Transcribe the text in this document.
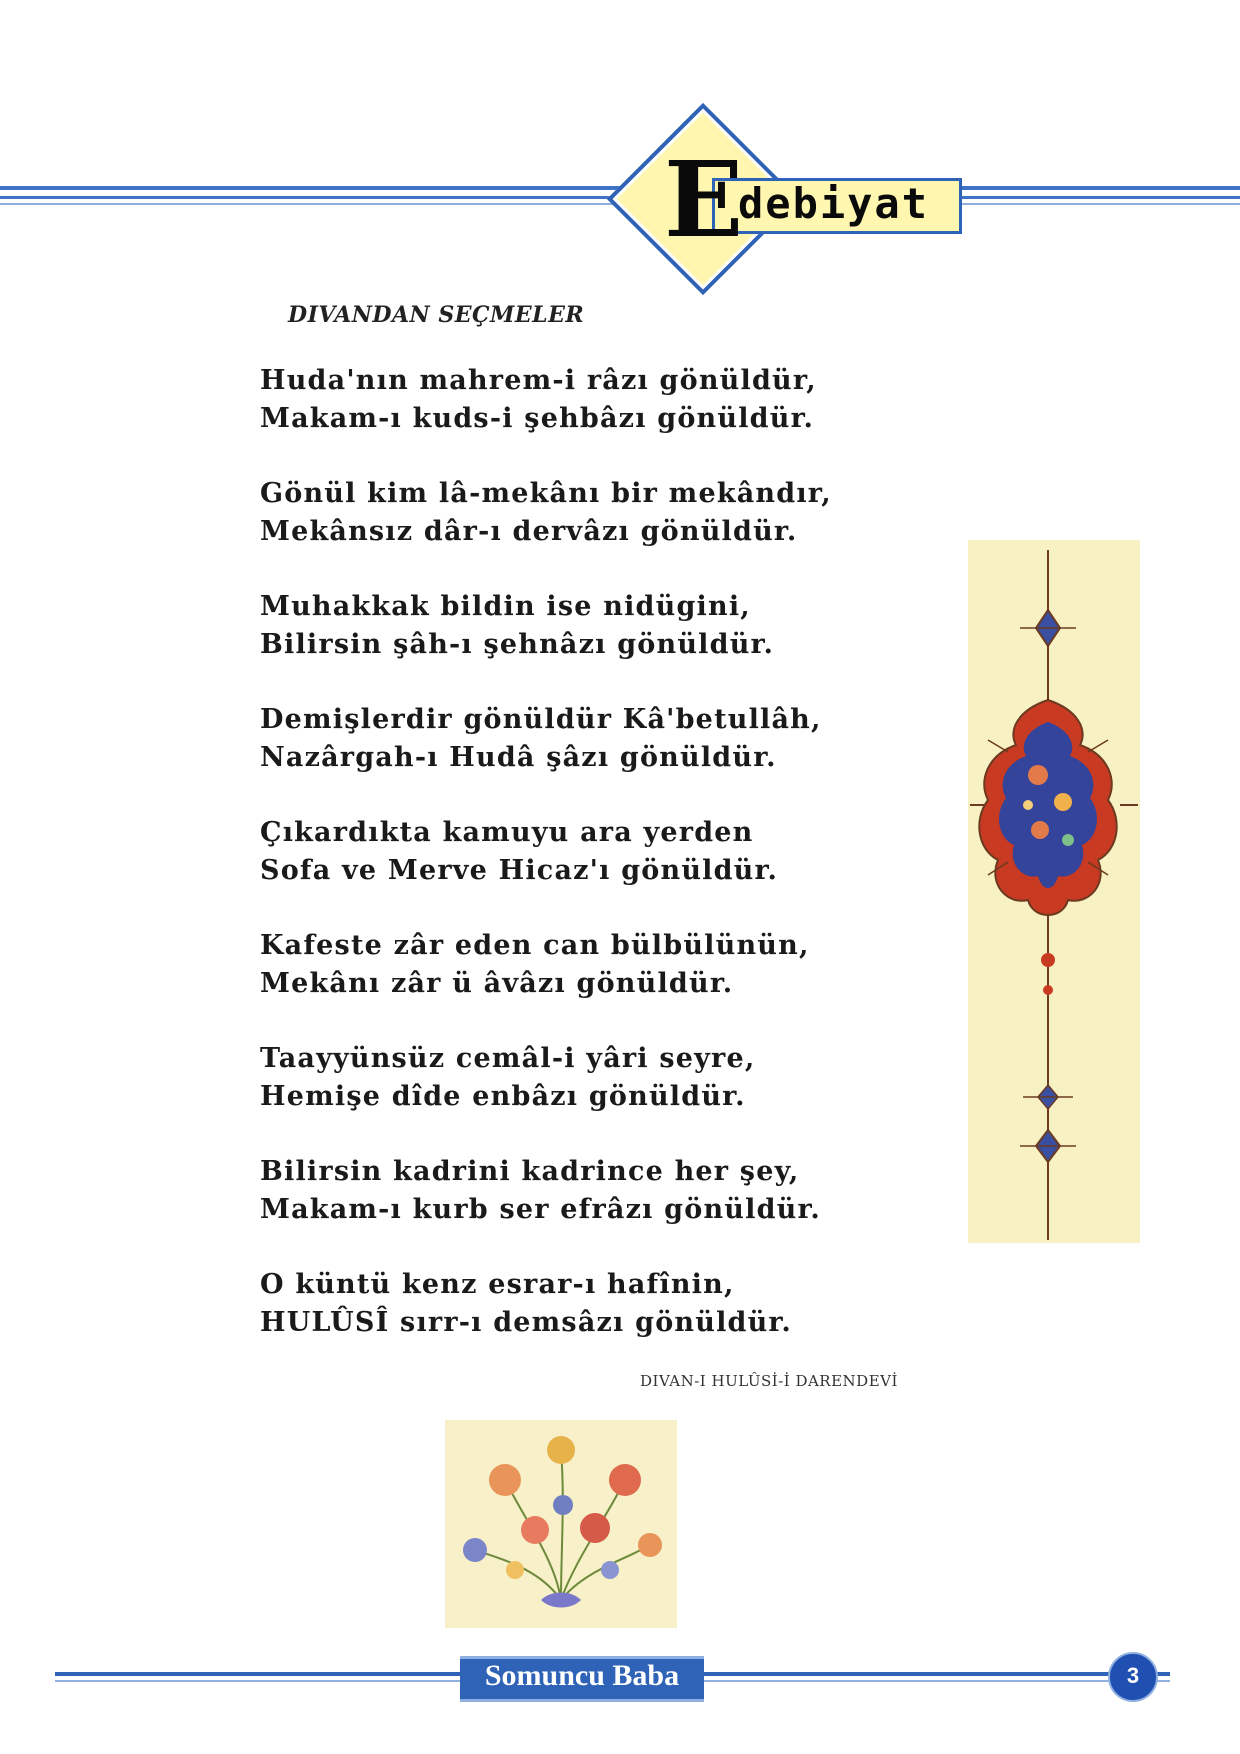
E
debiyat
DIVANDAN SEÇMELER
Huda'nın mahrem-i râzı gönüldür,
Makam-ı kuds-i şehbâzı gönüldür.
Gönül kim lâ-mekânı bir mekândır,
Mekânsız dâr-ı dervâzı gönüldür.
Muhakkak bildin ise nidügini,
Bilirsin şâh-ı şehnâzı gönüldür.
Demişlerdir gönüldür Kâ'betullâh,
Nazârgah-ı Hudâ şâzı gönüldür.
Çıkardıkta kamuyu ara yerden
Sofa ve Merve Hicaz'ı gönüldür.
Kafeste zâr eden can bülbülünün,
Mekânı zâr ü âvâzı gönüldür.
Taayyünsüz cemâl-i yâri seyre,
Hemişe dîde enbâzı gönüldür.
Bilirsin kadrini kadrince her şey,
Makam-ı kurb ser efrâzı gönüldür.
O küntü kenz esrar-ı hafînin,
HULÛSÎ sırr-ı demsâzı gönüldür.
DIVAN-I HULÛSİ-İ DARENDEVİ
Somuncu Baba	3
